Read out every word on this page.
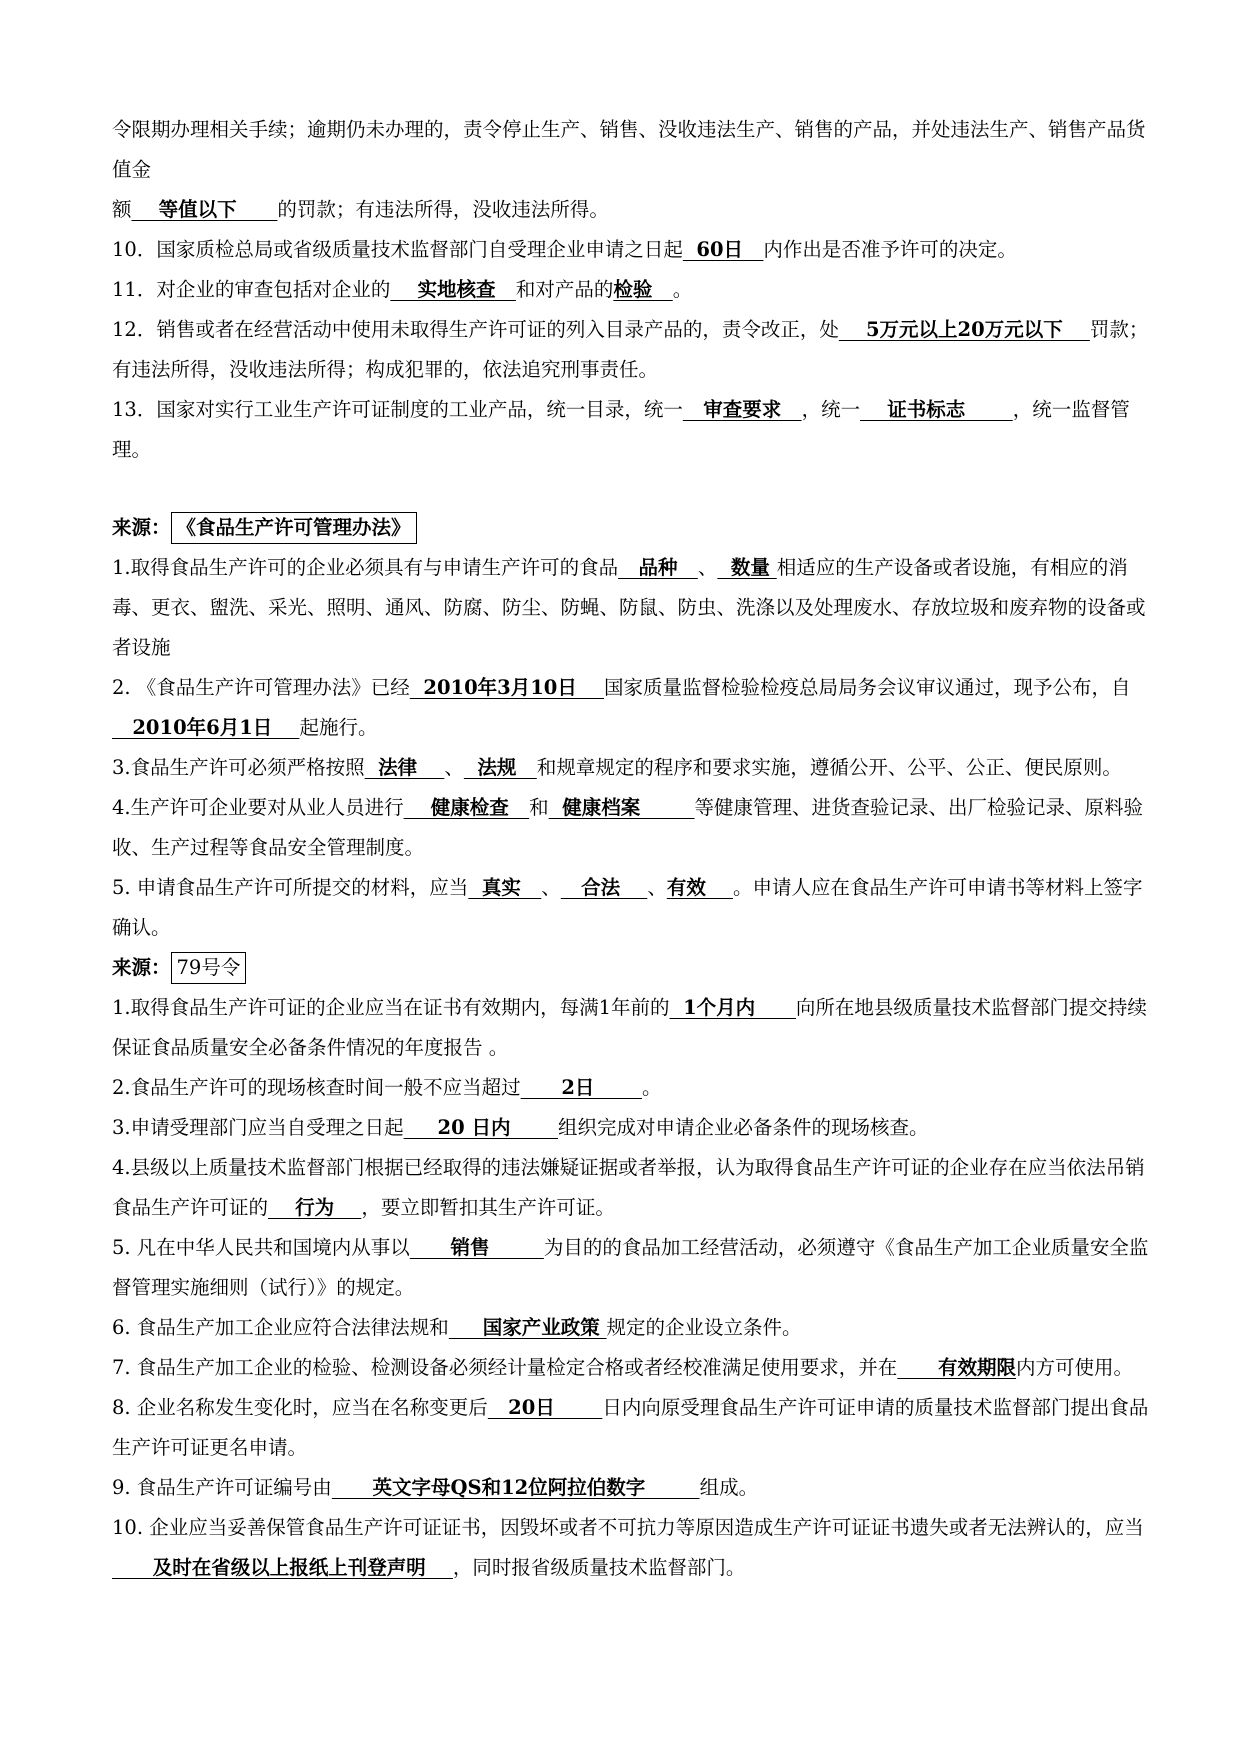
令限期办理相关手续；逾期仍未办理的，责令停止生产、销售、没收违法生产、销售的产品，并处违法生产、销售产品货值金

额    等值以下      的罚款；有违法所得，没收违法所得。

10．国家质检总局或省级质量技术监督部门自受理企业申请之日起  60日   内作出是否准予许可的决定。

11．对企业的审查包括对企业的    实地核查   和对产品的检验   。

12．销售或者在经营活动中使用未取得生产许可证的列入目录产品的，责令改正，处    5万元以上20万元以下    罚款；有违法所得，没收违法所得；构成犯罪的，依法追究刑事责任。

13．国家对实行工业生产许可证制度的工业产品，统一目录，统一   审查要求   ，统一    证书标志       ，统一监督管理。

来源： 《食品生产许可管理办法》

1.取得食品生产许可的企业必须具有与申请生产许可的食品   品种   、  数量 相适应的生产设备或者设施，有相应的消毒、更衣、盥洗、采光、照明、通风、防腐、防尘、防蝇、防鼠、防虫、洗涤以及处理废水、存放垃圾和废弃物的设备或者设施

2. 《食品生产许可管理办法》已经  2010年3月10日    国家质量监督检验检疫总局局务会议审议通过，现予公布，自   2010年6月1日    起施行。

3.食品生产许可必须严格按照  法律    、  法规   和规章规定的程序和要求实施，遵循公开、公平、公正、便民原则。

4.生产许可企业要对从业人员进行    健康检查   和  健康档案        等健康管理、进货查验记录、出厂检验记录、原料验收、生产过程等食品安全管理制度。

5. 申请食品生产许可所提交的材料，应当  真实   、   合法    、有效    。申请人应在食品生产许可申请书等材料上签字确认。

来源： 79号令

1.取得食品生产许可证的企业应当在证书有效期内，每满1年前的  1个月内      向所在地县级质量技术监督部门提交持续保证食品质量安全必备条件情况的年度报告 。

2.食品生产许可的现场核查时间一般不应当超过      2日       。

3.申请受理部门应当自受理之日起     20 日内       组织完成对申请企业必备条件的现场核查。

4.县级以上质量技术监督部门根据已经取得的违法嫌疑证据或者举报，认为取得食品生产许可证的企业存在应当依法吊销食品生产许可证的    行为    ，要立即暂扣其生产许可证。

5. 凡在中华人民共和国境内从事以      销售        为目的的食品加工经营活动，必须遵守《食品生产加工企业质量安全监督管理实施细则（试行）》的规定。

6. 食品生产加工企业应符合法律法规和     国家产业政策 规定的企业设立条件。

7. 食品生产加工企业的检验、检测设备必须经计量检定合格或者经校准满足使用要求，并在      有效期限内方可使用。

8. 企业名称发生变化时，应当在名称变更后   20日       日内向原受理食品生产许可证申请的质量技术监督部门提出食品生产许可证更名申请。

9. 食品生产许可证编号由      英文字母QS和12位阿拉伯数字        组成。

10. 企业应当妥善保管食品生产许可证证书，因毁坏或者不可抗力等原因造成生产许可证证书遗失或者无法辨认的，应当      及时在省级以上报纸上刊登声明    ，同时报省级质量技术监督部门。
